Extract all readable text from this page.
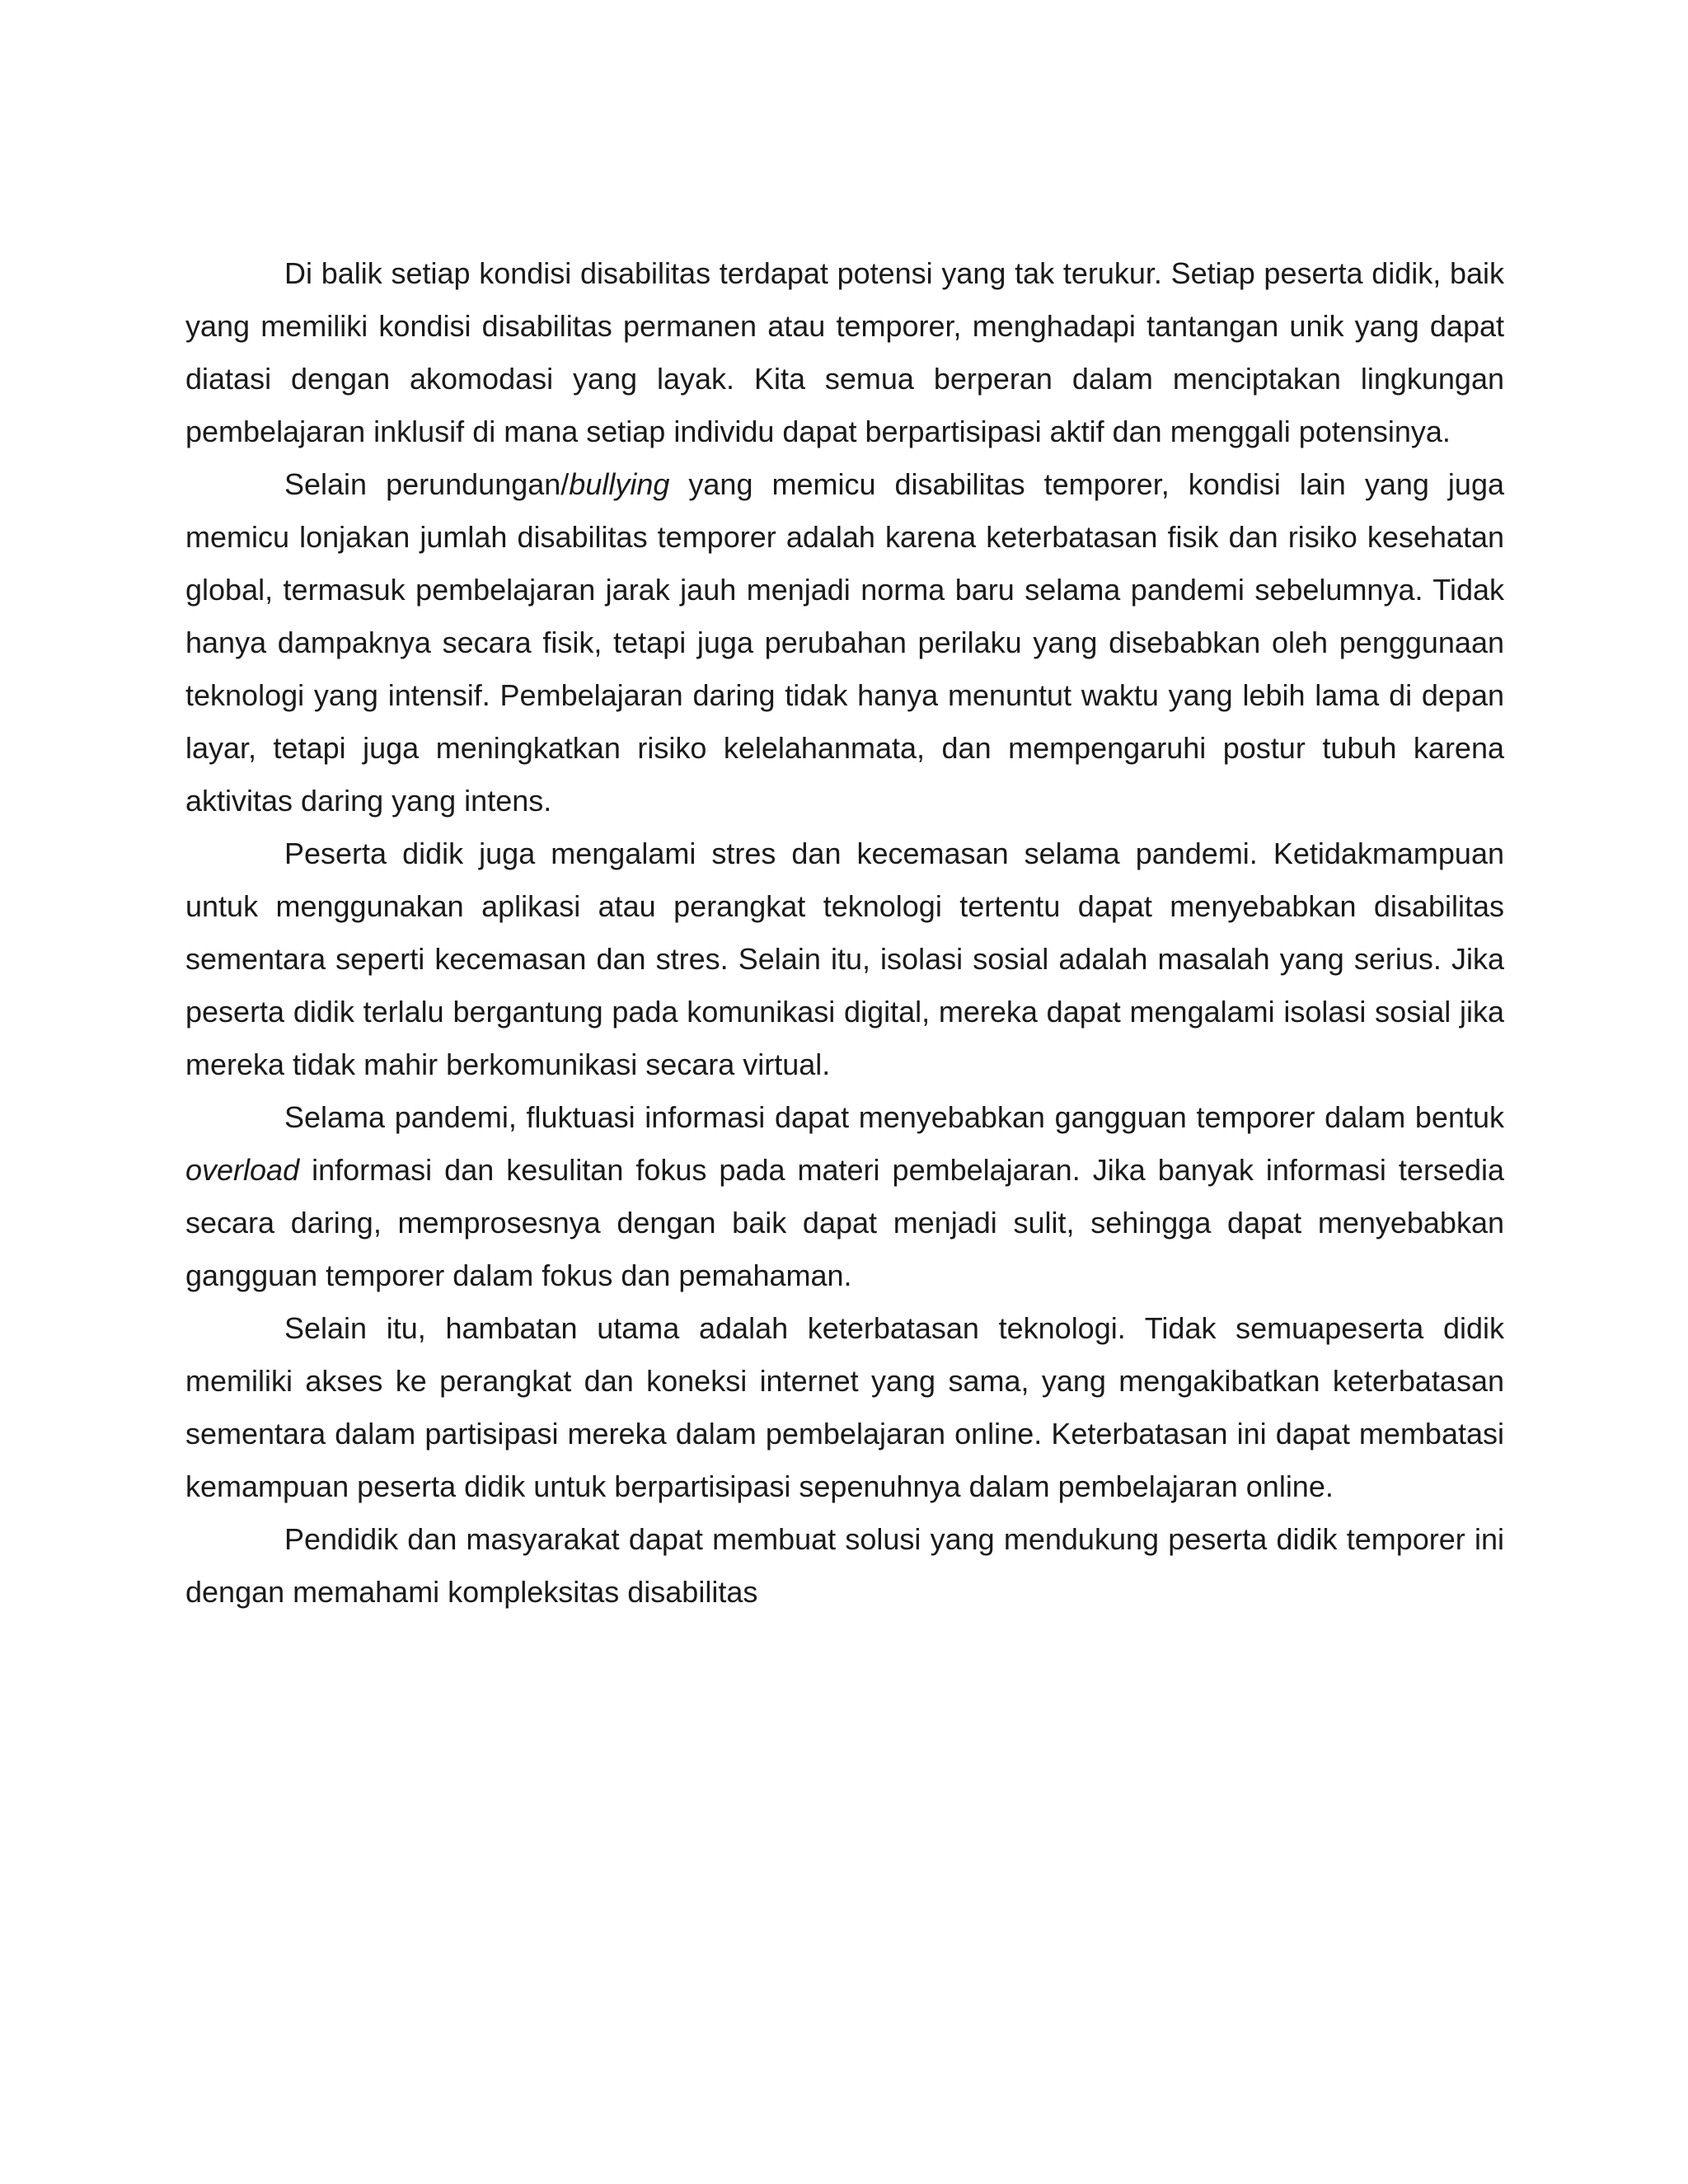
Di balik setiap kondisi disabilitas terdapat potensi yang tak terukur. Setiap peserta didik, baik yang memiliki kondisi disabilitas permanen atau temporer, menghadapi tantangan unik yang dapat diatasi dengan akomodasi yang layak. Kita semua berperan dalam menciptakan lingkungan pembelajaran inklusif di mana setiap individu dapat berpartisipasi aktif dan menggali potensinya.

Selain perundungan/bullying yang memicu disabilitas temporer, kondisi lain yang juga memicu lonjakan jumlah disabilitas temporer adalah karena keterbatasan fisik dan risiko kesehatan global, termasuk pembelajaran jarak jauh menjadi norma baru selama pandemi sebelumnya. Tidak hanya dampaknya secara fisik, tetapi juga perubahan perilaku yang disebabkan oleh penggunaan teknologi yang intensif. Pembelajaran daring tidak hanya menuntut waktu yang lebih lama di depan layar, tetapi juga meningkatkan risiko kelelahanmata, dan mempengaruhi postur tubuh karena aktivitas daring yang intens.

Peserta didik juga mengalami stres dan kecemasan selama pandemi. Ketidakmampuan untuk menggunakan aplikasi atau perangkat teknologi tertentu dapat menyebabkan disabilitas sementara seperti kecemasan dan stres. Selain itu, isolasi sosial adalah masalah yang serius. Jika peserta didik terlalu bergantung pada komunikasi digital, mereka dapat mengalami isolasi sosial jika mereka tidak mahir berkomunikasi secara virtual.

Selama pandemi, fluktuasi informasi dapat menyebabkan gangguan temporer dalam bentuk overload informasi dan kesulitan fokus pada materi pembelajaran. Jika banyak informasi tersedia secara daring, memprosesnya dengan baik dapat menjadi sulit, sehingga dapat menyebabkan gangguan temporer dalam fokus dan pemahaman.

Selain itu, hambatan utama adalah keterbatasan teknologi. Tidak semuapeserta didik memiliki akses ke perangkat dan koneksi internet yang sama, yang mengakibatkan keterbatasan sementara dalam partisipasi mereka dalam pembelajaran online. Keterbatasan ini dapat membatasi kemampuan peserta didik untuk berpartisipasi sepenuhnya dalam pembelajaran online.

Pendidik dan masyarakat dapat membuat solusi yang mendukung peserta didik temporer ini dengan memahami kompleksitas disabilitas
